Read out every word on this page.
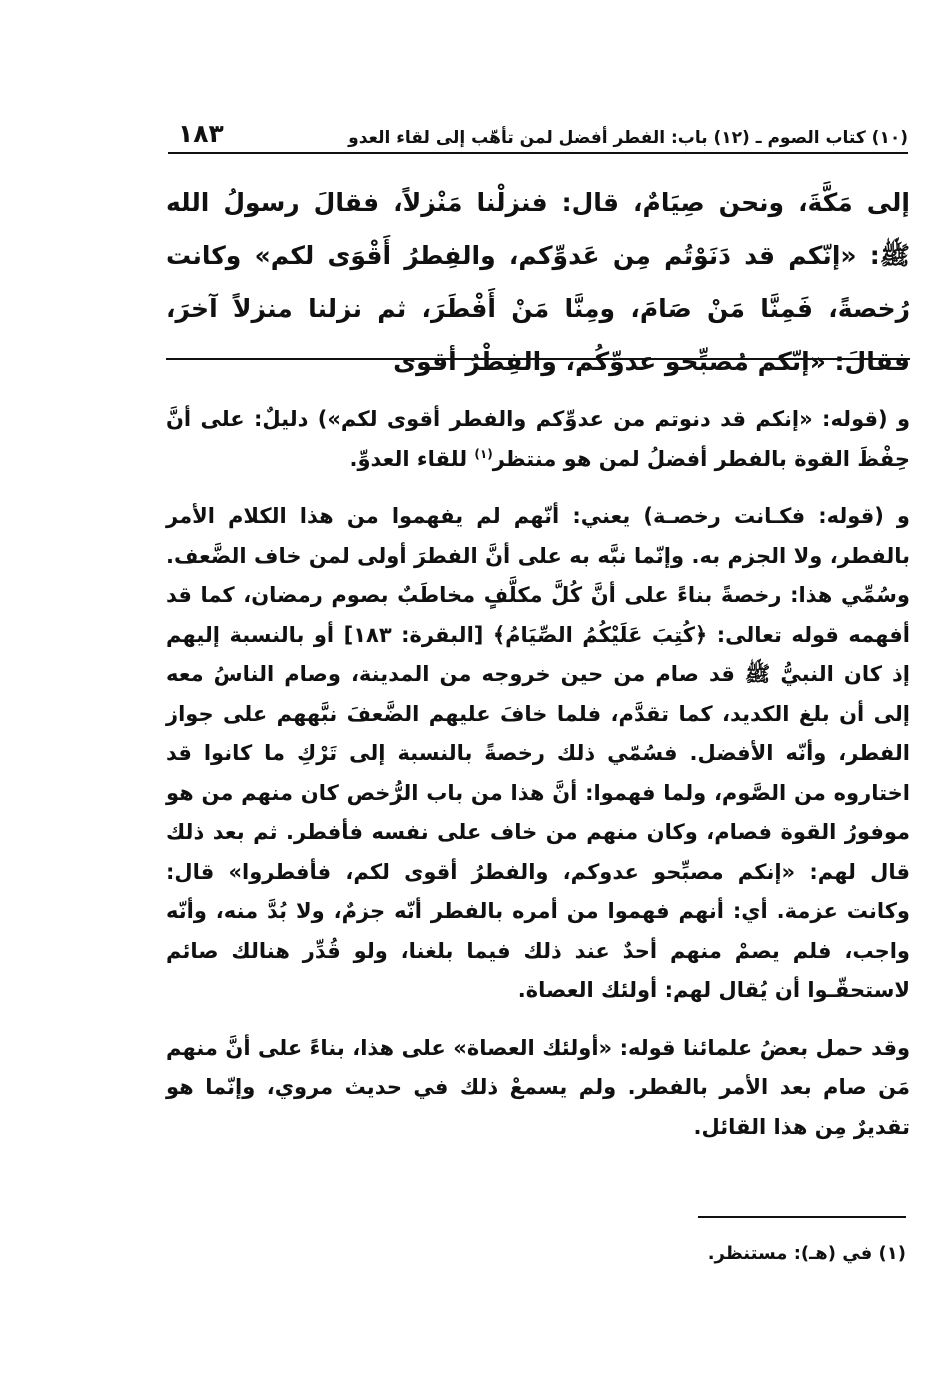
(١٠) كتاب الصوم ـ (١٢) باب: الفطر أفضل لمن تأهّب إلى لقاء العدو
١٨٣

إلى مَكَّةَ، ونحن صِيَامٌ، قال: فنزلْنا مَنْزلاً، فقالَ رسولُ الله ﷺ: «إنّكم قد دَنَوْتُم مِن عَدوِّكم، والفِطرُ أَقْوَى لكم» وكانت رُخصةً، فَمِنَّا مَنْ صَامَ، ومِنَّا مَنْ أَفْطَرَ، ثم نزلنا منزلاً آخرَ، فقالَ: «إنّكم مُصبِّحو عدوِّكُم، والفِطْرُ أقوى

و (قوله: «إنكم قد دنوتم من عدوِّكم والفطر أقوى لكم») دليلٌ: على أنَّ حِفْظَ القوة بالفطر أفضلُ لمن هو منتظر$^{(١)}$ للقاء العدوِّ.

و (قوله: فكـانت رخصـة) يعني: أنّهم لم يفهموا من هذا الكلام الأمر بالفطر، ولا الجزم به. وإنّما نبَّه به على أنَّ الفطرَ أولى لمن خاف الضَّعف. وسُمِّي هذا: رخصةً بناءً على أنَّ كُلَّ مكلَّفٍ مخاطَبٌ بصوم رمضان، كما قد أفهمه قوله تعالى: ﴿كُتِبَ عَلَيْكُمُ الصِّيَامُ﴾ [البقرة: ١٨٣] أو بالنسبة إليهم إذ كان النبيُّ ﷺ قد صام من حين خروجه من المدينة، وصام الناسُ معه إلى أن بلغ الكديد، كما تقدَّم، فلما خافَ عليهم الضَّعفَ نبَّههم على جواز الفطر، وأنّه الأفضل. فسُمّي ذلك رخصةً بالنسبة إلى تَرْكِ ما كانوا قد اختاروه من الصَّوم، ولما فهموا: أنَّ هذا من باب الرُّخص كان منهم من هو موفورُ القوة فصام، وكان منهم من خاف على نفسه فأفطر. ثم بعد ذلك قال لهم: «إنكم مصبِّحو عدوكم، والفطرُ أقوى لكم، فأفطروا» قال: وكانت عزمة. أي: أنهم فهموا من أمره بالفطر أنّه جزمٌ، ولا بُدَّ منه، وأنّه واجب، فلم يصمْ منهم أحدٌ عند ذلك فيما بلغنا، ولو قُدِّر هنالك صائم لاستحقّـوا أن يُقال لهم: أولئك العصاة.

وقد حمل بعضُ علمائنا قوله: «أولئك العصاة» على هذا، بناءً على أنَّ منهم مَن صام بعد الأمر بالفطر. ولم يسمعْ ذلك في حديث مروي، وإنّما هو تقديرٌ مِن هذا القائل.

(١) في (هـ): مستنظر.
